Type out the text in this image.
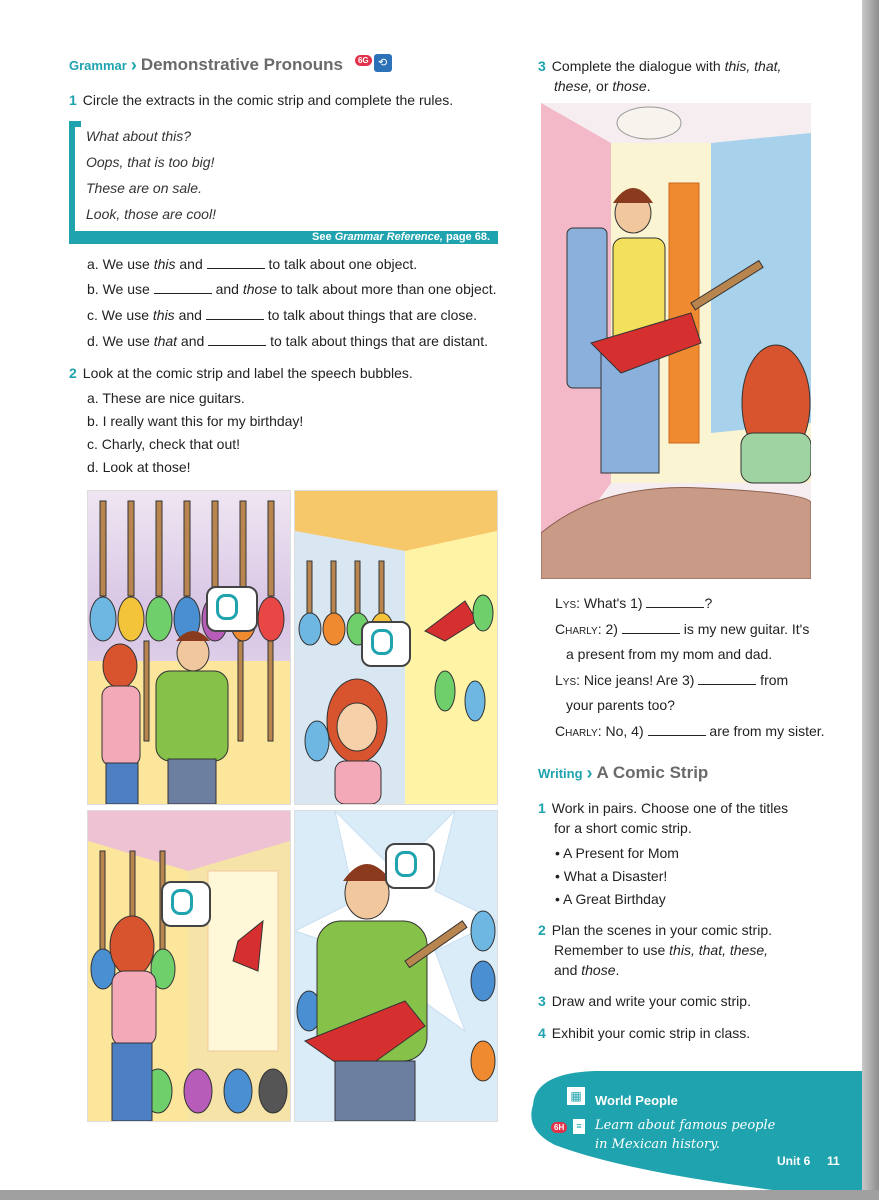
Grammar › Demonstrative Pronouns	6G ⟲
1 Circle the extracts in the comic strip and complete the rules.
What about this?
Oops, that is too big!
These are on sale.
Look, those are cool!
See Grammar Reference, page 68.
a. We use this and	to talk about one object.
b. We use	and those to talk about more than one object.
c. We use this and	to talk about things that are close.
d. We use that and	to talk about things that are distant.
2 Look at the comic strip and label the speech bubbles.
a. These are nice guitars.
b. I really want this for my birthday!
c. Charly, check that out!
d. Look at those!
3 Complete the dialogue with this, that,
these, or those.
Lys: What's 1)	?
Charly: 2)	is my new guitar. It's
a present from my mom and dad.
Lys: Nice jeans! Are 3)	from
your parents too?
Charly: No, 4)	are from my sister.
Writing › A Comic Strip
1 Work in pairs. Choose one of the titles
for a short comic strip.
• A Present for Mom
• What a Disaster!
• A Great Birthday
2 Plan the scenes in your comic strip.
Remember to use this, that, these,
and those.
3 Draw and write your comic strip.
4 Exhibit your comic strip in class.
▦ World People
6H	≡ Learn about famous people
in Mexican history.
Unit 6 11
